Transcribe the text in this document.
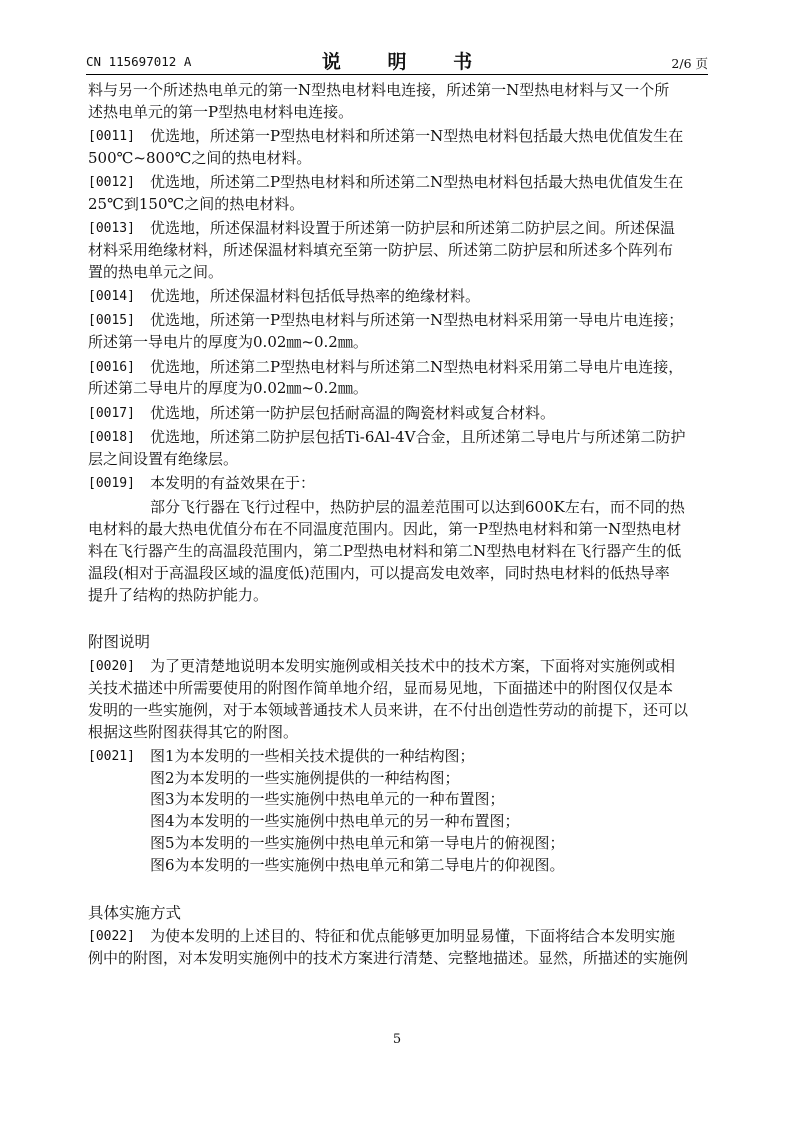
CN 115697012 A	说 明 书	2/6 页

料与另一个所述热电单元的第一N型热电材料电连接，所述第一N型热电材料与又一个所
述热电单元的第一P型热电材料电连接。

[0011]	优选地，所述第一P型热电材料和所述第一N型热电材料包括最大热电优值发生在
500℃~800℃之间的热电材料。

[0012]	优选地，所述第二P型热电材料和所述第二N型热电材料包括最大热电优值发生在
25℃到150℃之间的热电材料。

[0013]	优选地，所述保温材料设置于所述第一防护层和所述第二防护层之间。所述保温
材料采用绝缘材料，所述保温材料填充至第一防护层、所述第二防护层和所述多个阵列布
置的热电单元之间。

[0014]	优选地，所述保温材料包括低导热率的绝缘材料。

[0015]	优选地，所述第一P型热电材料与所述第一N型热电材料采用第一导电片电连接；
所述第一导电片的厚度为0.02㎜~0.2㎜。

[0016]	优选地，所述第二P型热电材料与所述第二N型热电材料采用第二导电片电连接，
所述第二导电片的厚度为0.02㎜~0.2㎜。

[0017]	优选地，所述第一防护层包括耐高温的陶瓷材料或复合材料。

[0018]	优选地，所述第二防护层包括Ti-6Al-4V合金，且所述第二导电片与所述第二防护
层之间设置有绝缘层。

[0019]	本发明的有益效果在于：

部分飞行器在飞行过程中，热防护层的温差范围可以达到600K左右，而不同的热
电材料的最大热电优值分布在不同温度范围内。因此，第一P型热电材料和第一N型热电材
料在飞行器产生的高温段范围内，第二P型热电材料和第二N型热电材料在飞行器产生的低
温段(相对于高温段区域的温度低)范围内，可以提高发电效率，同时热电材料的低热导率
提升了结构的热防护能力。

附图说明

[0020]	为了更清楚地说明本发明实施例或相关技术中的技术方案，下面将对实施例或相
关技术描述中所需要使用的附图作简单地介绍，显而易见地，下面描述中的附图仅仅是本
发明的一些实施例，对于本领域普通技术人员来讲，在不付出创造性劳动的前提下，还可以
根据这些附图获得其它的附图。

[0021]	图1为本发明的一些相关技术提供的一种结构图；
图2为本发明的一些实施例提供的一种结构图；
图3为本发明的一些实施例中热电单元的一种布置图；
图4为本发明的一些实施例中热电单元的另一种布置图；
图5为本发明的一些实施例中热电单元和第一导电片的俯视图；
图6为本发明的一些实施例中热电单元和第二导电片的仰视图。

具体实施方式

[0022]	为使本发明的上述目的、特征和优点能够更加明显易懂，下面将结合本发明实施
例中的附图，对本发明实施例中的技术方案进行清楚、完整地描述。显然，所描述的实施例

5
